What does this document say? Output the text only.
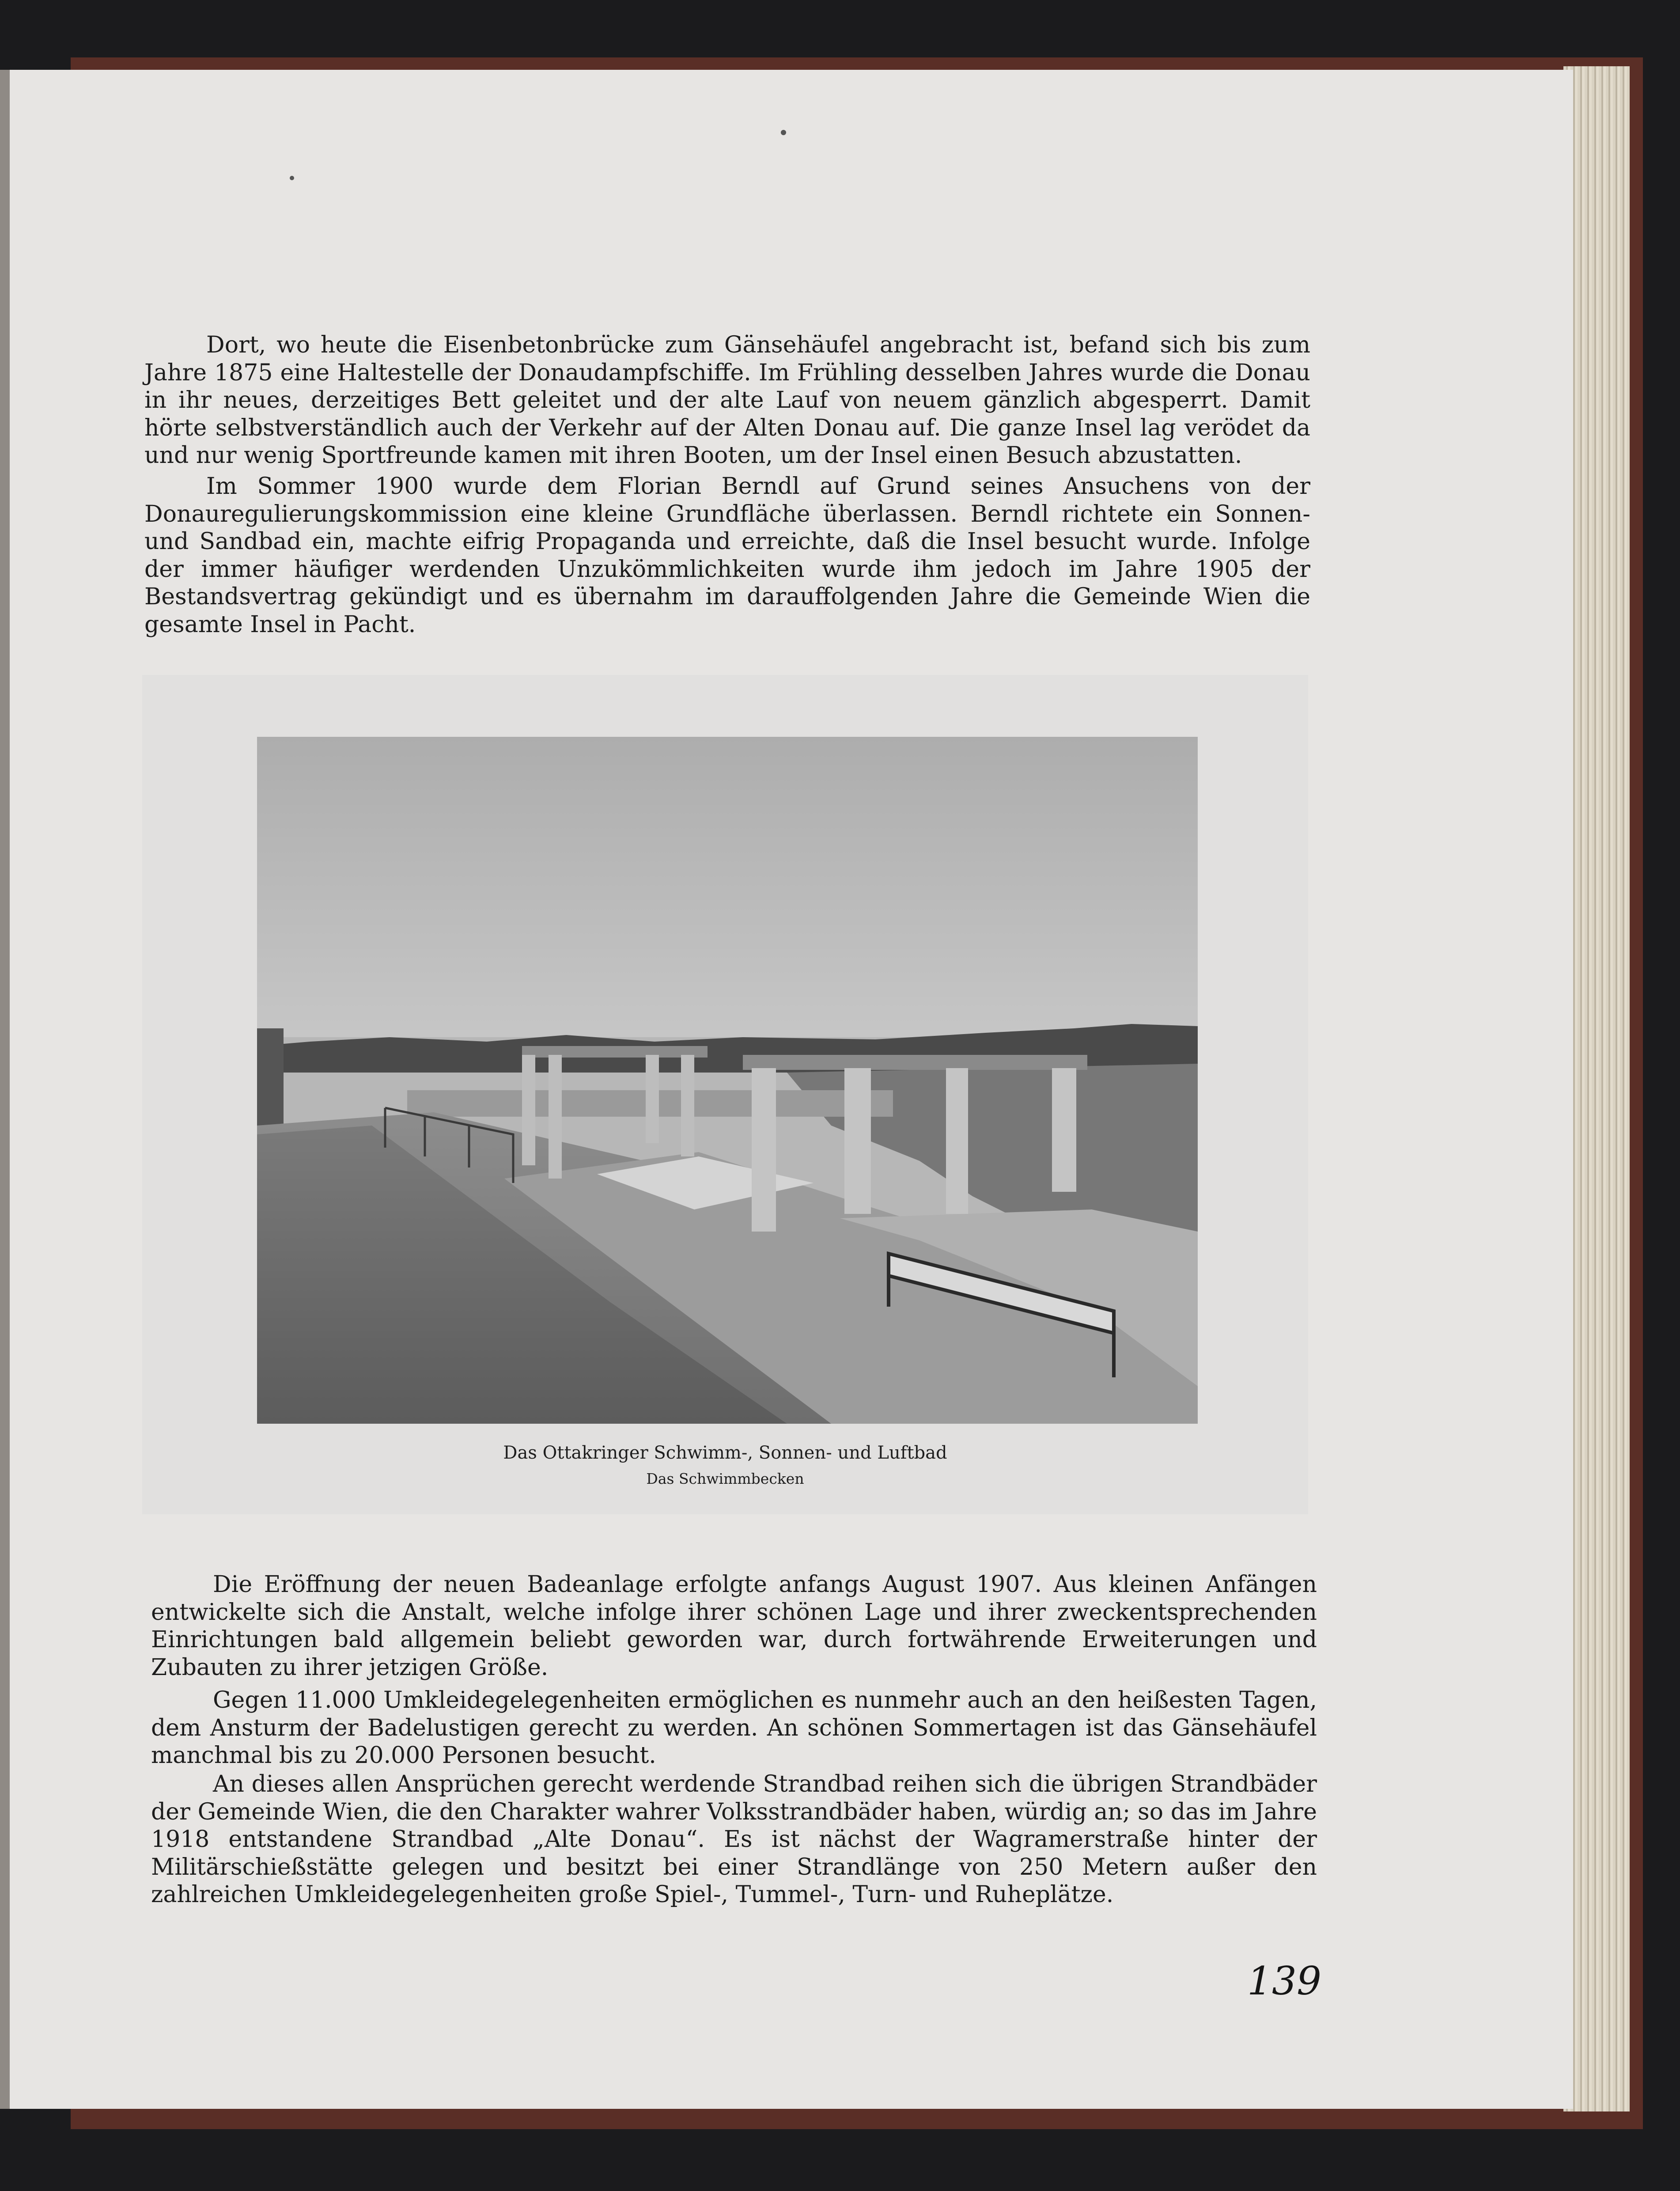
Dort, wo heute die Eisenbetonbrücke zum Gänsehäufel angebracht ist, befand sich bis zum Jahre 1875 eine Haltestelle der Donaudampfschiffe. Im Frühling desselben Jahres wurde die Donau in ihr neues, derzeitiges Bett geleitet und der alte Lauf von neuem gänzlich abgesperrt. Damit hörte selbstverständlich auch der Verkehr auf der Alten Donau auf. Die ganze Insel lag verödet da und nur wenig Sportfreunde kamen mit ihren Booten, um der Insel einen Besuch abzustatten.

Im Sommer 1900 wurde dem Florian Berndl auf Grund seines Ansuchens von der Donauregulierungskommission eine kleine Grundfläche überlassen. Berndl richtete ein Sonnen- und Sandbad ein, machte eifrig Propaganda und erreichte, daß die Insel besucht wurde. Infolge der immer häufiger werdenden Unzukömmlichkeiten wurde ihm jedoch im Jahre 1905 der Bestandsvertrag gekündigt und es übernahm im darauffolgenden Jahre die Gemeinde Wien die gesamte Insel in Pacht.

Das Ottakringer Schwimm-, Sonnen- und Luftbad
Das Schwimmbecken

Die Eröffnung der neuen Badeanlage erfolgte anfangs August 1907. Aus kleinen Anfängen entwickelte sich die Anstalt, welche infolge ihrer schönen Lage und ihrer zweckentsprechenden Einrichtungen bald allgemein beliebt geworden war, durch fortwährende Erweiterungen und Zubauten zu ihrer jetzigen Größe.

Gegen 11.000 Umkleidegelegenheiten ermöglichen es nunmehr auch an den heißesten Tagen, dem Ansturm der Badelustigen gerecht zu werden. An schönen Sommertagen ist das Gänsehäufel manchmal bis zu 20.000 Personen besucht.

An dieses allen Ansprüchen gerecht werdende Strandbad reihen sich die übrigen Strandbäder der Gemeinde Wien, die den Charakter wahrer Volksstrandbäder haben, würdig an; so das im Jahre 1918 entstandene Strandbad „Alte Donau“. Es ist nächst der Wagramerstraße hinter der Militärschießstätte gelegen und besitzt bei einer Strandlänge von 250 Metern außer den zahlreichen Umkleidegelegenheiten große Spiel-, Tummel-, Turn- und Ruheplätze.

139
